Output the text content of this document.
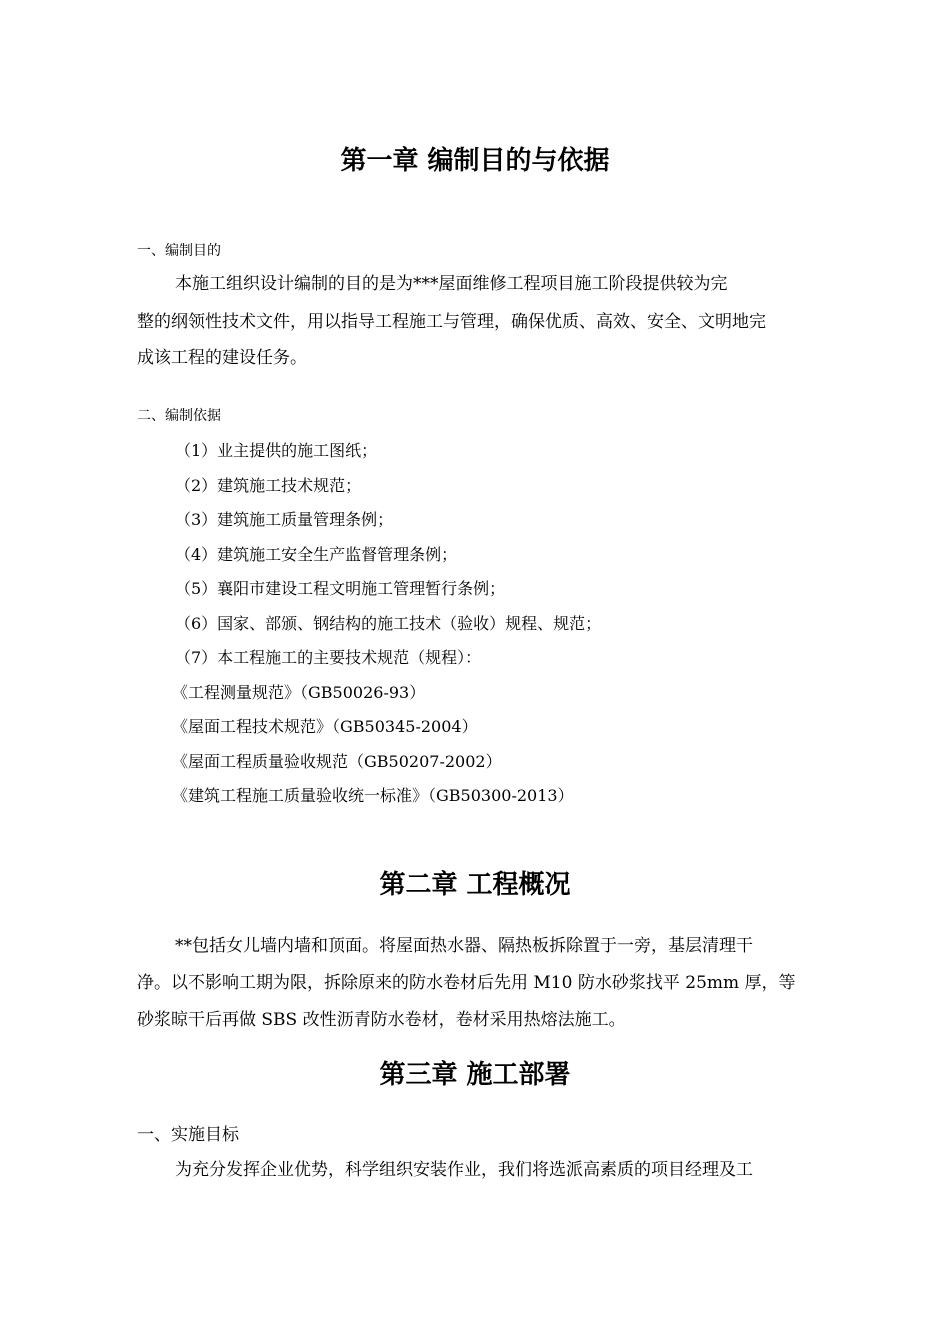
第一章 编制目的与依据
一、编制目的
本施工组织设计编制的目的是为***屋面维修工程项目施工阶段提供较为完
整的纲领性技术文件，用以指导工程施工与管理，确保优质、高效、安全、文明地完
成该工程的建设任务。
二、编制依据
（1）业主提供的施工图纸；
（2）建筑施工技术规范；
（3）建筑施工质量管理条例；
（4）建筑施工安全生产监督管理条例；
（5）襄阳市建设工程文明施工管理暂行条例；
（6）国家、部颁、钢结构的施工技术（验收）规程、规范；
（7）本工程施工的主要技术规范（规程）：
《工程测量规范》（GB50026-93）
《屋面工程技术规范》（GB50345-2004）
《屋面工程质量验收规范（GB50207-2002）
《建筑工程施工质量验收统一标准》（GB50300-2013）
第二章 工程概况
**包括女儿墙内墙和顶面。将屋面热水器、隔热板拆除置于一旁，基层清理干
净。以不影响工期为限，拆除原来的防水卷材后先用 M10 防水砂浆找平 25mm 厚，等
砂浆晾干后再做 SBS 改性沥青防水卷材，卷材采用热熔法施工。
第三章 施工部署
一、实施目标
为充分发挥企业优势，科学组织安装作业，我们将选派高素质的项目经理及工
